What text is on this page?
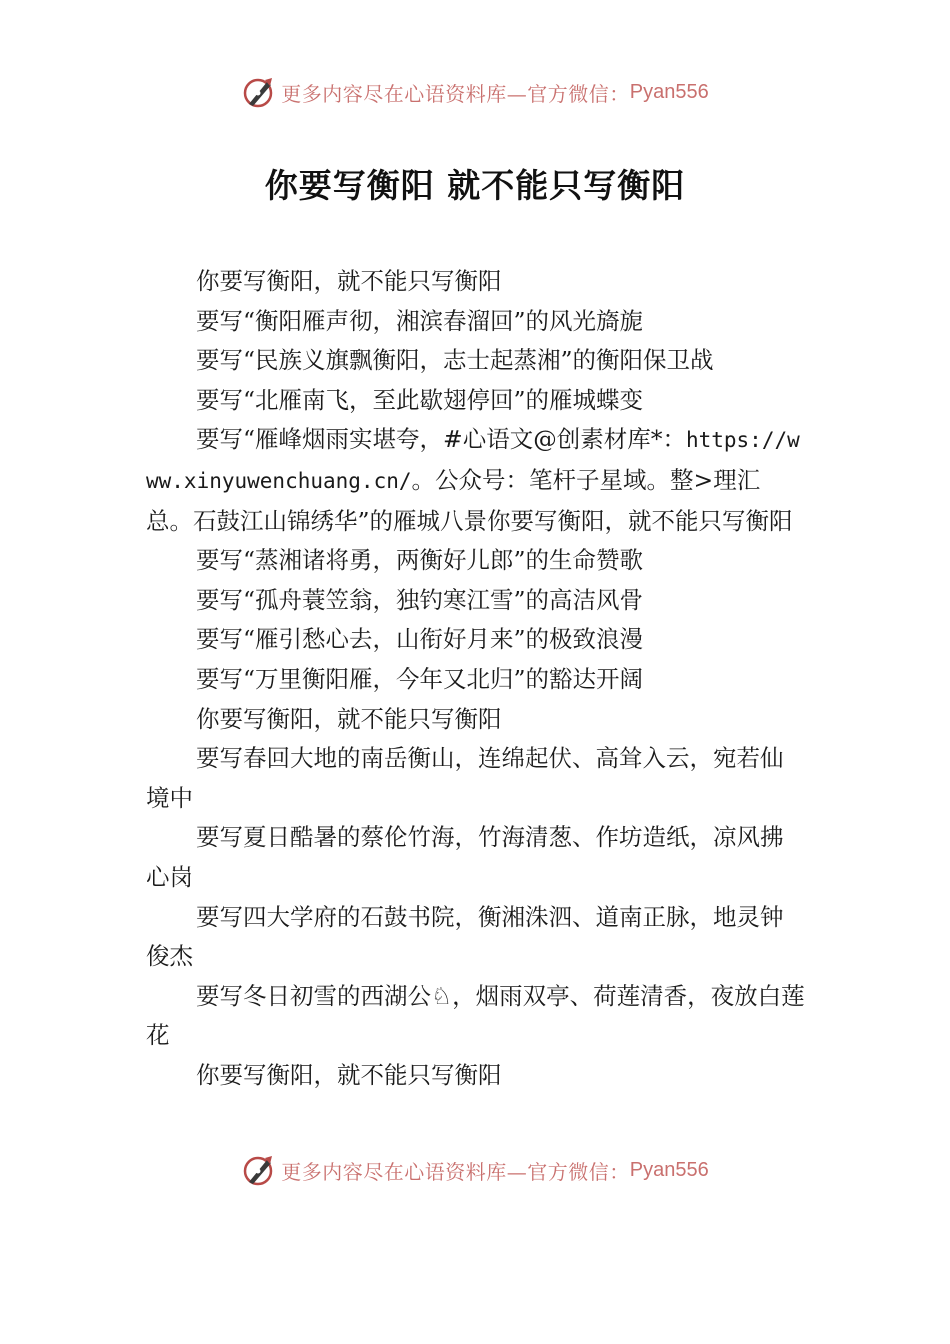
更多内容尽在心语资料库—官方微信： Pyan556
你要写衡阳 就不能只写衡阳

你要写衡阳，就不能只写衡阳

要写“衡阳雁声彻，湘滨春溜回”的风光旖旎

要写“民族义旗飘衡阳，志士起蒸湘”的衡阳保卫战

要写“北雁南飞，至此歇翅停回”的雁城蝶变

要写“雁峰烟雨实堪夸，#心语文@创素材库*：https://www.xinyuwenchuang.cn/。公众号：笔杆子星域。整>理汇总。石鼓江山锦绣华”的雁城八景你要写衡阳，就不能只写衡阳

要写“蒸湘诸将勇，两衡好儿郎”的生命赞歌

要写“孤舟蓑笠翁，独钓寒江雪”的高洁风骨

要写“雁引愁心去，山衔好月来”的极致浪漫

要写“万里衡阳雁，今年又北归”的豁达开阔

你要写衡阳，就不能只写衡阳

要写春回大地的南岳衡山，连绵起伏、高耸入云，宛若仙境中

要写夏日酷暑的蔡伦竹海，竹海清葱、作坊造纸，凉风拂心岗

要写四大学府的石鼓书院，衡湘洙泗、道南正脉，地灵钟俊杰

要写冬日初雪的西湖公♘，烟雨双亭、荷莲清香，夜放白莲花

你要写衡阳，就不能只写衡阳

更多内容尽在心语资料库—官方微信： Pyan556
